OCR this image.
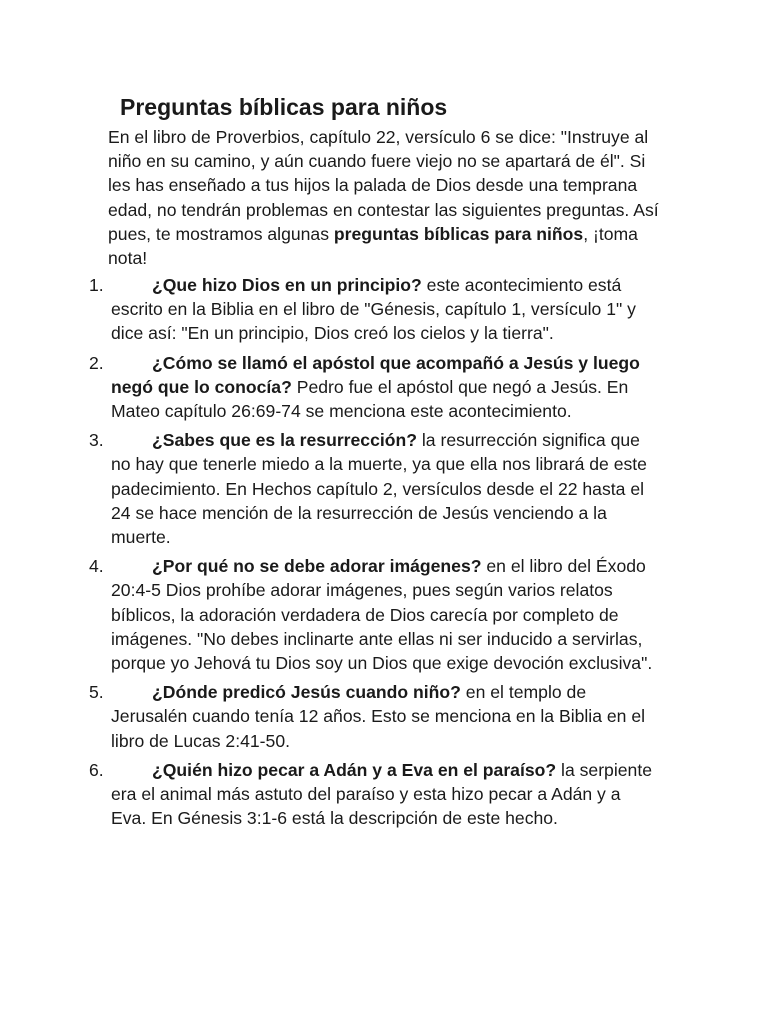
Preguntas bíblicas para niños

En el libro de Proverbios, capítulo 22, versículo 6 se dice: "Instruye al niño en su camino, y aún cuando fuere viejo no se apartará de él". Si les has enseñado a tus hijos la palada de Dios desde una temprana edad, no tendrán problemas en contestar las siguientes preguntas. Así pues, te mostramos algunas preguntas bíblicas para niños, ¡toma nota!

1.	¿Que hizo Dios en un principio? este acontecimiento está escrito en la Biblia en el libro de "Génesis, capítulo 1, versículo 1" y dice así: "En un principio, Dios creó los cielos y la tierra".
2.	¿Cómo se llamó el apóstol que acompañó a Jesús y luego negó que lo conocía? Pedro fue el apóstol que negó a Jesús. En Mateo capítulo 26:69-74 se menciona este acontecimiento.
3.	¿Sabes que es la resurrección? la resurrección significa que no hay que tenerle miedo a la muerte, ya que ella nos librará de este padecimiento. En Hechos capítulo 2, versículos desde el 22 hasta el 24 se hace mención de la resurrección de Jesús venciendo a la muerte.
4.	¿Por qué no se debe adorar imágenes? en el libro del Éxodo 20:4-5 Dios prohíbe adorar imágenes, pues según varios relatos bíblicos, la adoración verdadera de Dios carecía por completo de imágenes. "No debes inclinarte ante ellas ni ser inducido a servirlas, porque yo Jehová tu Dios soy un Dios que exige devoción exclusiva".
5.	¿Dónde predicó Jesús cuando niño? en el templo de Jerusalén cuando tenía 12 años. Esto se menciona en la Biblia en el libro de Lucas 2:41-50.
6.	¿Quién hizo pecar a Adán y a Eva en el paraíso? la serpiente era el animal más astuto del paraíso y esta hizo pecar a Adán y a Eva. En Génesis 3:1-6 está la descripción de este hecho.
